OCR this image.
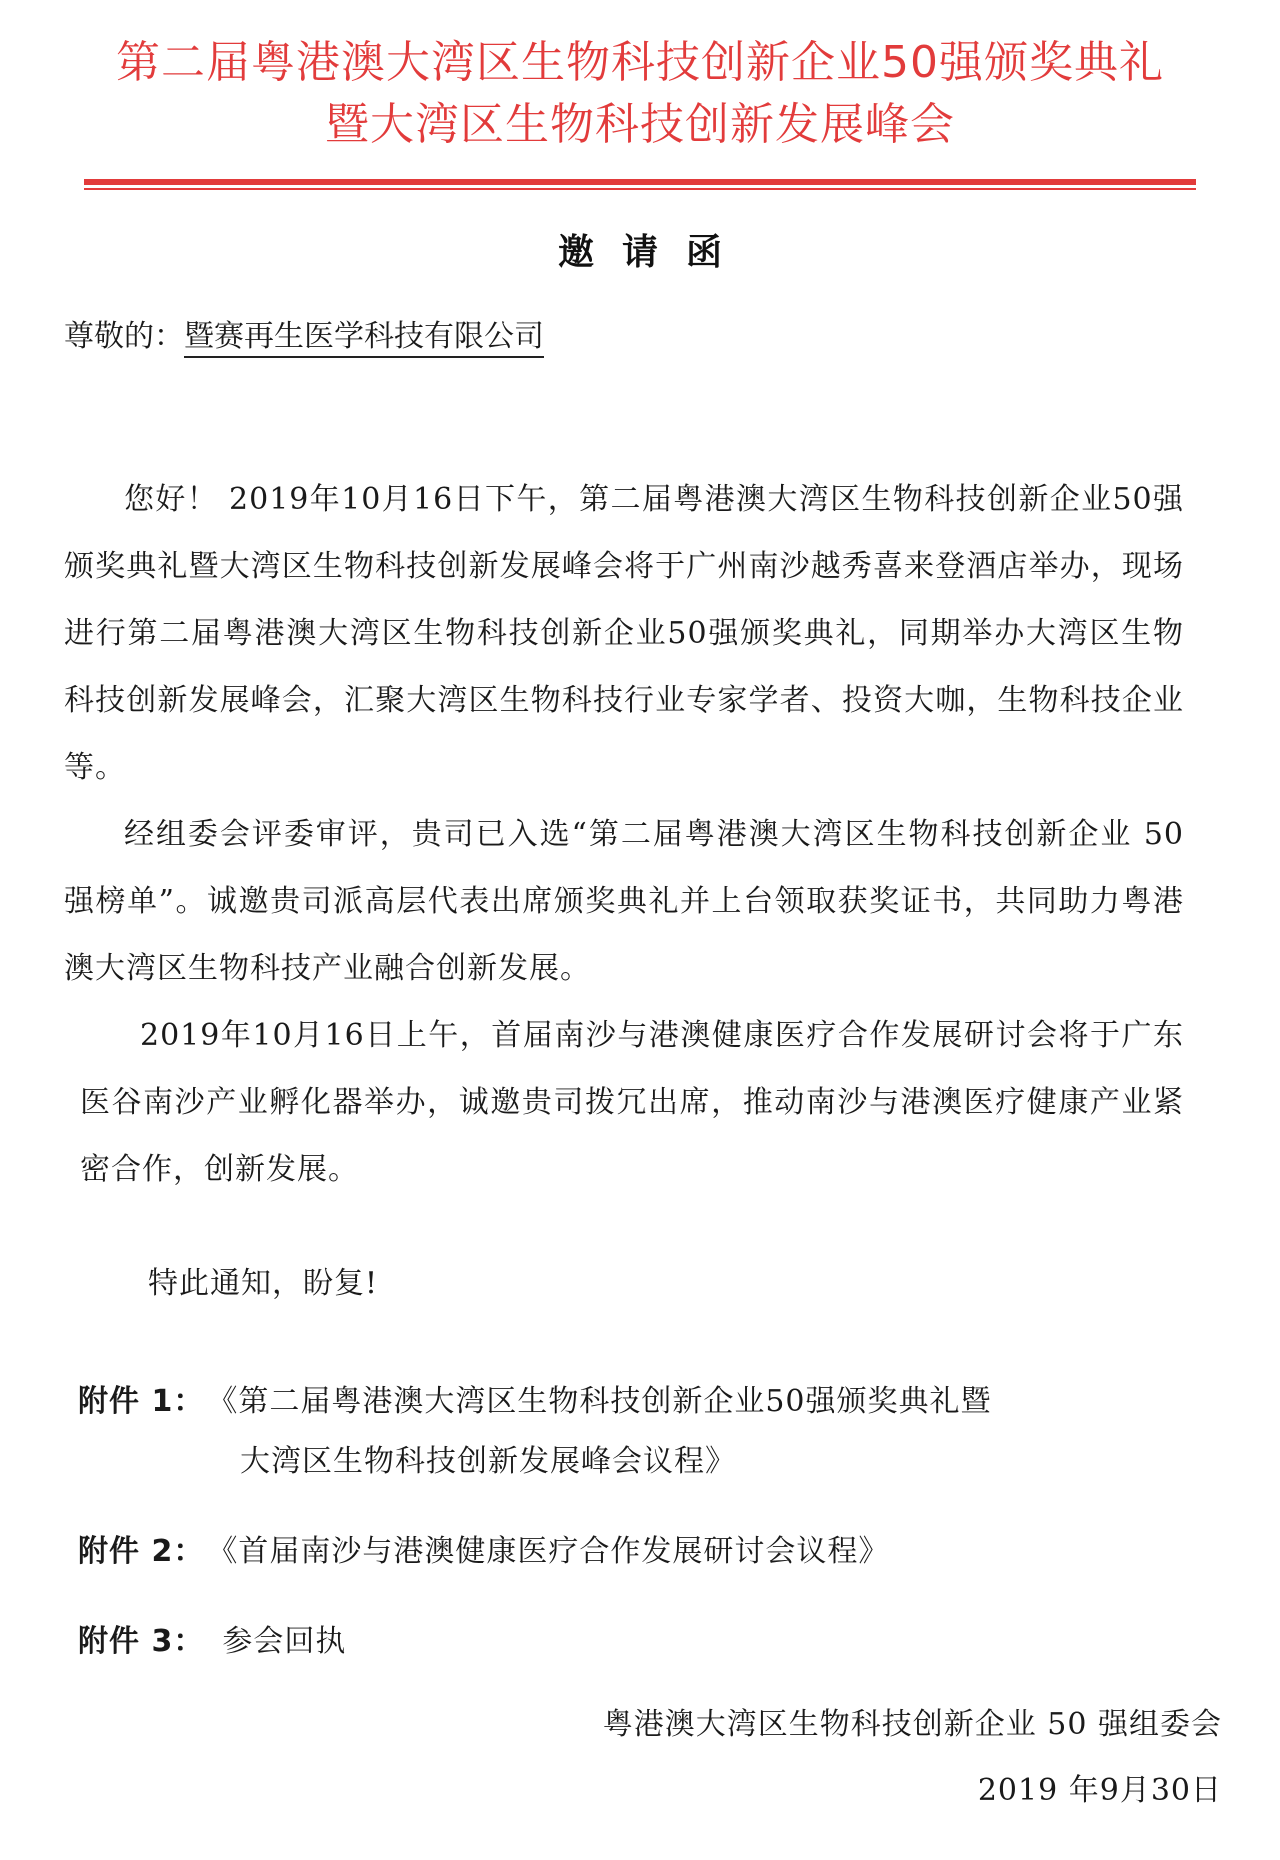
第二届粤港澳大湾区生物科技创新企业50强颁奖典礼
暨大湾区生物科技创新发展峰会
邀请函
尊敬的：暨赛再生医学科技有限公司

您好！ 2019年10月16日下午，第二届粤港澳大湾区生物科技创新企业50强颁奖典礼暨大湾区生物科技创新发展峰会将于广州南沙越秀喜来登酒店举办，现场进行第二届粤港澳大湾区生物科技创新企业50强颁奖典礼，同期举办大湾区生物科技创新发展峰会，汇聚大湾区生物科技行业专家学者、投资大咖，生物科技企业等。

经组委会评委审评，贵司已入选“第二届粤港澳大湾区生物科技创新企业 50 强榜单”。诚邀贵司派高层代表出席颁奖典礼并上台领取获奖证书，共同助力粤港澳大湾区生物科技产业融合创新发展。

2019年10月16日上午，首届南沙与港澳健康医疗合作发展研讨会将于广东医谷南沙产业孵化器举办，诚邀贵司拨冗出席，推动南沙与港澳医疗健康产业紧密合作，创新发展。

特此通知，盼复!
附件 1： 《第二届粤港澳大湾区生物科技创新企业50强颁奖典礼暨
大湾区生物科技创新发展峰会议程》
附件 2： 《首届南沙与港澳健康医疗合作发展研讨会议程》
附件 3： 参会回执
粤港澳大湾区生物科技创新企业 50 强组委会
2019 年9月30日
